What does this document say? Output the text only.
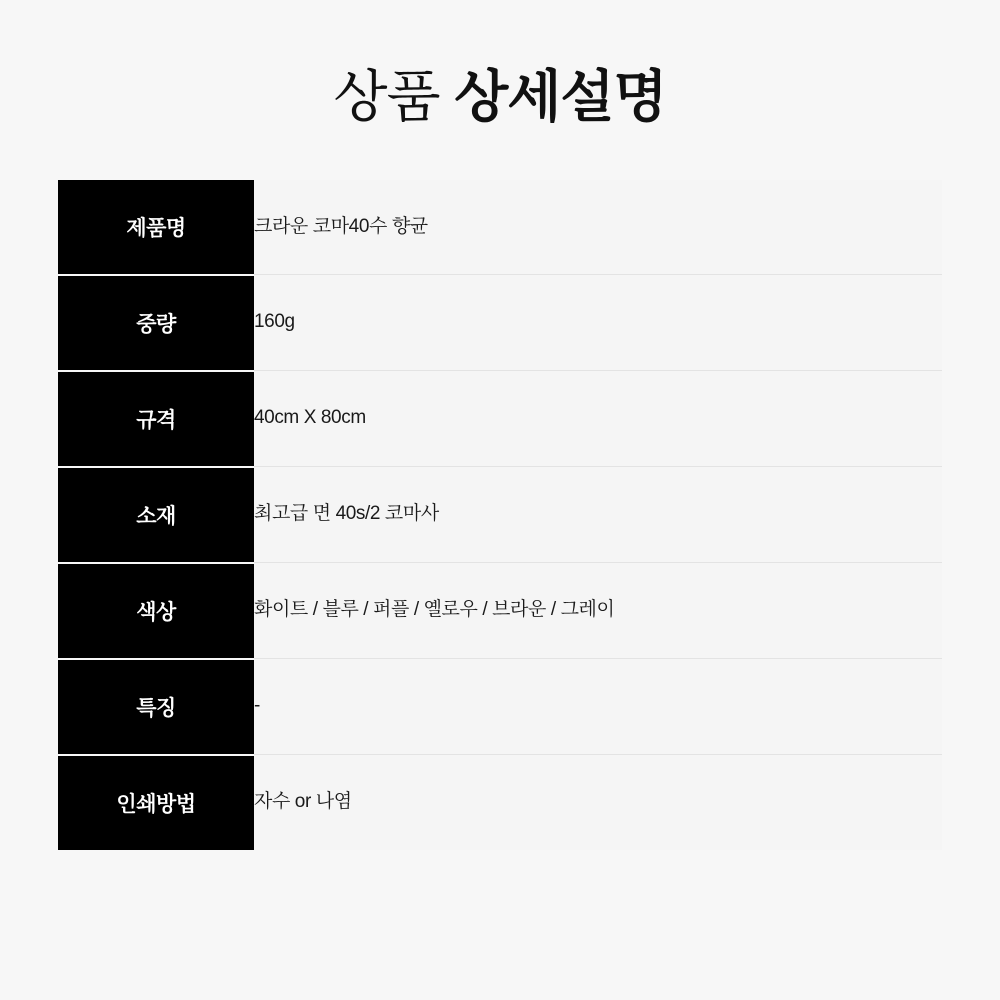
상품 상세설명
제품명	크라운 코마40수 향균

중량	160g

규격	40cm X 80cm

소재	최고급 면 40s/2 코마사

색상	화이트 / 블루 / 퍼플 / 옐로우 / 브라운 / 그레이

특징	-

인쇄방법	자수 or 나염
